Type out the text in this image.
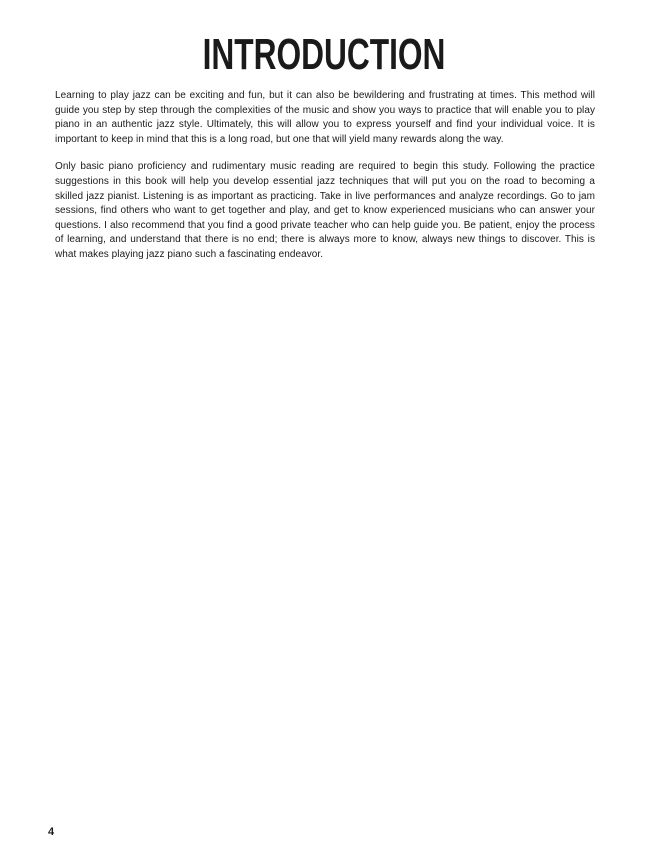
INTRODUCTION

Learning to play jazz can be exciting and fun, but it can also be bewildering and frustrating at times. This method will guide you step by step through the complexities of the music and show you ways to practice that will enable you to play piano in an authentic jazz style. Ultimately, this will allow you to express yourself and find your individual voice. It is important to keep in mind that this is a long road, but one that will yield many rewards along the way.

Only basic piano proficiency and rudimentary music reading are required to begin this study. Following the practice suggestions in this book will help you develop essential jazz techniques that will put you on the road to becoming a skilled jazz pianist. Listening is as important as practicing. Take in live performances and analyze recordings. Go to jam sessions, find others who want to get together and play, and get to know experienced musicians who can answer your questions. I also recommend that you find a good private teacher who can help guide you. Be patient, enjoy the process of learning, and understand that there is no end; there is always more to know, always new things to discover. This is what makes playing jazz piano such a fascinating endeavor.

4
